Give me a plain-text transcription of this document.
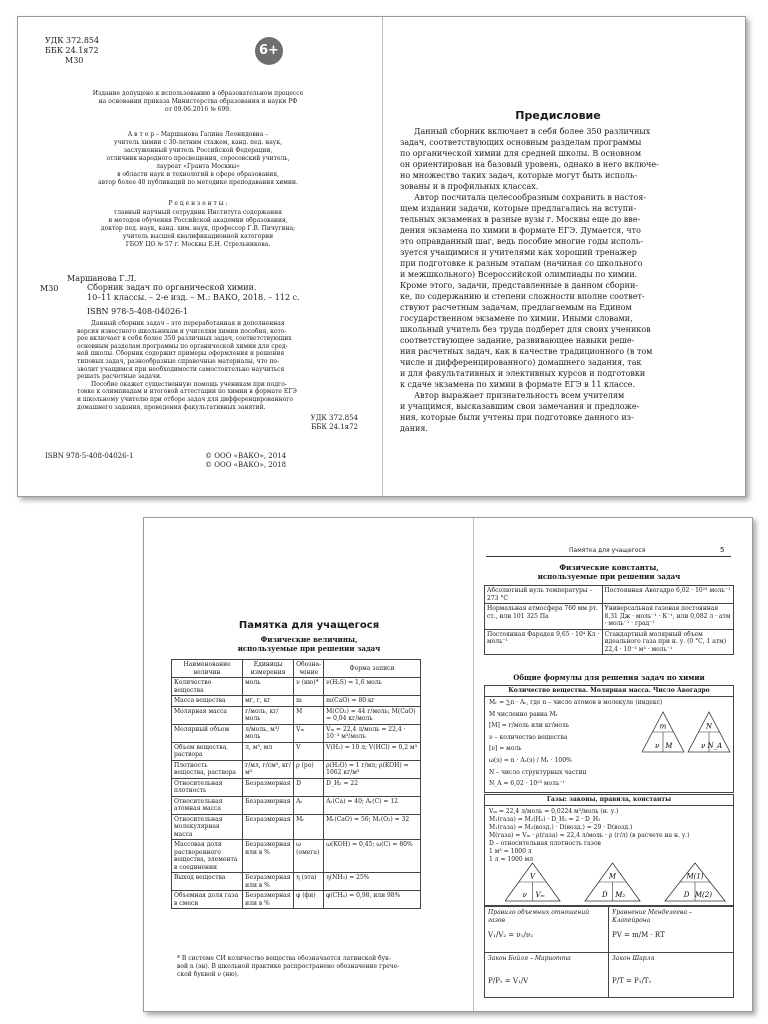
УДК 372.854
ББК 24.1я72
М30
6+
Издание допущено к использованию в образовательном процессе
на основании приказа Министерства образования и науки РФ
от 09.06.2016 № 699.
А в т о р – Маршанова Галина Леонидовна –
учитель химии с 30-летним стажем, канд. пед. наук,
заслуженный учитель Российской Федерации,
отличник народного просвещения, соросовский учитель,
лауреат «Гранта Москвы»
в области наук и технологий в сфере образования,
автор более 40 публикаций по методике преподавания химии.
Р е ц е н з е н т ы :
главный научный сотрудник Института содержания
и методов обучения Российской академии образования,
доктор пед. наук, канд. хим. наук, профессор Г.В. Пичугина;
учитель высшей квалификационной категории
ГБОУ ЦО № 57 г. Москвы Е.Н. Стрельникова.
М30
Маршанова Г.Л.
Сборник задач по органической химии.
10–11 классы. – 2-е изд. – М.: ВАКО, 2018. – 112 с.
ISBN 978-5-408-04026-1
Данный сборник задач – это переработанная и дополненная
версия известного школьникам и учителям химии пособия, кото-
рое включает в себя более 350 различных задач, соответствующих
основным разделам программы по органической химии для сред-
ней школы. Сборник содержит примеры оформления и решения
типовых задач, разнообразные справочные материалы, что по-
зволит учащимся при необходимости самостоятельно научиться
решать расчетные задачи.
Пособие окажет существенную помощь ученикам при подго-
товке к олимпиадам и итоговой аттестации по химии в формате ЕГЭ
и школьному учителю при отборе задач для дифференцированного
домашнего задания, проведения факультативных занятий.
УДК 372.854
ББК 24.1я72
ISBN 978-5-408-04026-1	© ООО «ВАКО», 2014
© ООО «ВАКО», 2018
Предисловие
Данный сборник включает в себя более 350 различных
задач, соответствующих основным разделам программы
по органической химии для средней школы. В основном
он ориентирован на базовый уровень, однако в него включе-
но множество таких задач, которые могут быть исполь-
зованы и в профильных классах.
Автор посчитала целесообразным сохранить в настоя-
щем издании задачи, которые предлагались на вступи-
тельных экзаменах в разные вузы г. Москвы еще до вве-
дения экзамена по химии в формате ЕГЭ. Думается, что
это оправданный шаг, ведь пособие многие годы исполь-
зуется учащимися и учителями как хороший тренажер
при подготовке к разным этапам (начиная со школьного
и межшкольного) Всероссийской олимпиады по химии.
Кроме этого, задачи, представленные в данном сборни-
ке, по содержанию и степени сложности вполне соответ-
ствуют расчетным задачам, предлагаемым на Едином
государственном экзамене по химии. Иными словами,
школьный учитель без труда подберет для своих учеников
соответствующее задание, развивающее навыки реше-
ния расчетных задач, как в качестве традиционного (в том
числе и дифференцированного) домашнего задания, так
и для факультативных и элективных курсов и подготовки
к сдаче экзамена по химии в формате ЕГЭ в 11 классе.
Автор выражает признательность всем учителям
и учащимся, высказавшим свои замечания и предложе-
ния, которые были учтены при подготовке данного из-
дания.
Памятка для учащегося
Физические величины,
используемые при решении задач
Наименование величин	Единицы измерения	Обозна-чение	Форма записи
Количество вещества	моль	ν (ню)*	ν(H₂S) = 1,6 моль
Масса вещества	мг, г, кг	m	m(CaO) = 80 кг
Молярная масса	г/моль, кг/моль	M	M(CO₂) = 44 г/моль; M(CaO) = 0,04 кг/моль
Молярный объем	л/моль, м³/моль	Vₘ	Vₘ = 22,4 л/моль = 22,4 · 10⁻³ м³/моль
Объем вещества, раствора	л, м³, мл	V	V(H₂) = 10 л; V(HCl) = 0,2 м³
Плотность вещества, раствора	г/мл, г/см³, кг/м³	ρ (ро)	ρ(H₂O) = 1 г/мл; ρ(KOH) = 1062 кг/м³
Относительная плотность	Безразмерная	D	D_H₂ = 22
Относительная атомная масса	Безразмерная	Aᵣ	Aᵣ(Ca) = 40; Aᵣ(C) = 12
Относительная молекулярная масса	Безразмерная	Mᵣ	Mᵣ(CaO) = 56; Mᵣ(O₂) = 32
Массовая доля растворенного вещества, элемента в соединении	Безразмерная или в %	ω (омега)	ω(KOH) = 0,45; ω(C) = 80%
Выход вещества	Безразмерная или в %	η (эта)	η(NH₃) = 25%
Объемная доля газа в смеси	Безразмерная или в %	φ (фи)	φ(CH₄) = 0,98, или 98%
* В системе СИ количество вещества обозначается латинской бук-
вой n (эн). В школьной практике распространено обозначение грече-
ской буквой ν (ню).
Памятка для учащегося	5
Физические константы,
используемые при решении задач
Абсолютный нуль температуры – 273 °С	Постоянная Авогадро 6,02 · 10²³ моль⁻¹
Нормальная атмосфера 760 мм рт. ст., или 101 325 Па	Универсальная газовая постоянная 8,31 Дж · моль⁻¹ · К⁻¹, или 0,082 л · атм · моль⁻¹ · град⁻¹
Постоянная Фарадея 9,65 · 10⁴ Кл · моль⁻¹	Стандартный молярный объем идеального газа при н. у. (0 °С, 1 атм) 22,4 · 10⁻³ м³ · моль⁻¹
Общие формулы для решения задач по химии
Количество вещества. Молярная масса. Число Авогадро
Mᵣ = ∑n · Aᵣ, где n – число атомов в молекуле (индекс)
M численно равна Mᵣ
[M] = г/моль или кг/моль
ν – количество вещества
[ν] = моль
ω(э) = n · Aᵣ(э) / Mᵣ · 100%
N – число структурных частиц
N_A = 6,02 · 10²³ моль⁻¹
m
ν M
N
ν N_A
Газы: законы, правила, константы
Vₘ = 22,4 л/моль = 0,0224 м³/моль (н. у.)
M₁(газа) = M₂(H₂) · D_H₂ = 2 · D_H₂
M₁(газа) = M₂(возд.) · D(возд.) = 29 · D(возд.)
M(газа) = Vₘ · ρ(газа) = 22,4 л/моль · ρ (г/л) (в расчете на н. у.)
D – относительная плотность газов
1 м³ = 1000 л
1 л = 1000 мл
V
ν Vₘ
M
D M₂
M(1)
D M(2)
Правило объемных отношений газов
V₁/V₂ = ν₁/ν₂
Уравнение Менделеева – Клапейрона
PV = m/M · RT
Закон Бойля – Мариотта
P/P₁ = V₁/V
Закон Шарля
P/T = P₁/T₁
